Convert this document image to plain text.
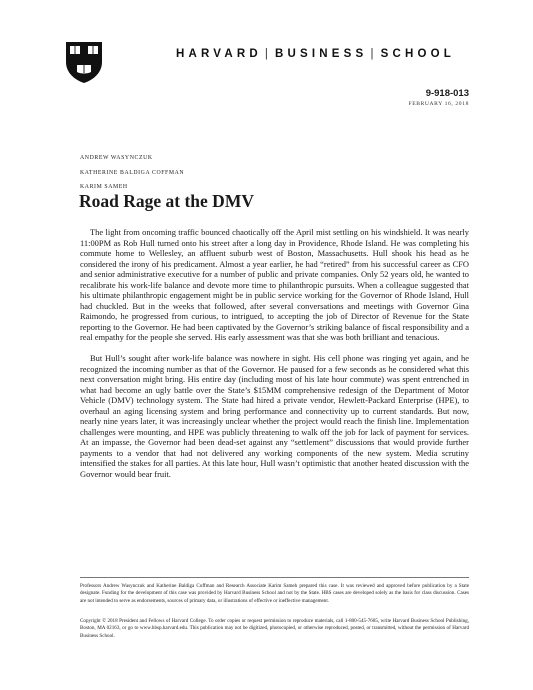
HARVARD | BUSINESS | SCHOOL
9-918-013
FEBRUARY 16, 2018
ANDREW WASYNCZUK
KATHERINE BALDIGA COFFMAN
KARIM SAMEH
Road Rage at the DMV

The light from oncoming traffic bounced chaotically off the April mist settling on his windshield. It was nearly 11:00PM as Rob Hull turned onto his street after a long day in Providence, Rhode Island. He was completing his commute home to Wellesley, an affluent suburb west of Boston, Massachusetts. Hull shook his head as he considered the irony of his predicament. Almost a year earlier, he had “retired” from his successful career as CFO and senior administrative executive for a number of public and private companies. Only 52 years old, he wanted to recalibrate his work-life balance and devote more time to philanthropic pursuits. When a colleague suggested that his ultimate philanthropic engagement might be in public service working for the Governor of Rhode Island, Hull had chuckled. But in the weeks that followed, after several conversations and meetings with Governor Gina Raimondo, he progressed from curious, to intrigued, to accepting the job of Director of Revenue for the State reporting to the Governor. He had been captivated by the Governor’s striking balance of fiscal responsibility and a real empathy for the people she served. His early assessment was that she was both brilliant and tenacious.

But Hull’s sought after work-life balance was nowhere in sight. His cell phone was ringing yet again, and he recognized the incoming number as that of the Governor. He paused for a few seconds as he considered what this next conversation might bring. His entire day (including most of his late hour commute) was spent entrenched in what had become an ugly battle over the State’s $15MM comprehensive redesign of the Department of Motor Vehicle (DMV) technology system. The State had hired a private vendor, Hewlett-Packard Enterprise (HPE), to overhaul an aging licensing system and bring performance and connectivity up to current standards. But now, nearly nine years later, it was increasingly unclear whether the project would reach the finish line. Implementation challenges were mounting, and HPE was publicly threatening to walk off the job for lack of payment for services. At an impasse, the Governor had been dead-set against any “settlement” discussions that would provide further payments to a vendor that had not delivered any working components of the new system. Media scrutiny intensified the stakes for all parties. At this late hour, Hull wasn’t optimistic that another heated discussion with the Governor would bear fruit.

Professors Andrew Wasynczuk and Katherine Baldiga Coffman and Research Associate Karim Sameh prepared this case. It was reviewed and approved before publication by a State designate. Funding for the development of this case was provided by Harvard Business School and not by the State. HBS cases are developed solely as the basis for class discussion. Cases are not intended to serve as endorsements, sources of primary data, or illustrations of effective or ineffective management.
Copyright © 2018 President and Fellows of Harvard College. To order copies or request permission to reproduce materials, call 1-800-545-7685, write Harvard Business School Publishing, Boston, MA 02163, or go to www.hbsp.harvard.edu. This publication may not be digitized, photocopied, or otherwise reproduced, posted, or transmitted, without the permission of Harvard Business School.
